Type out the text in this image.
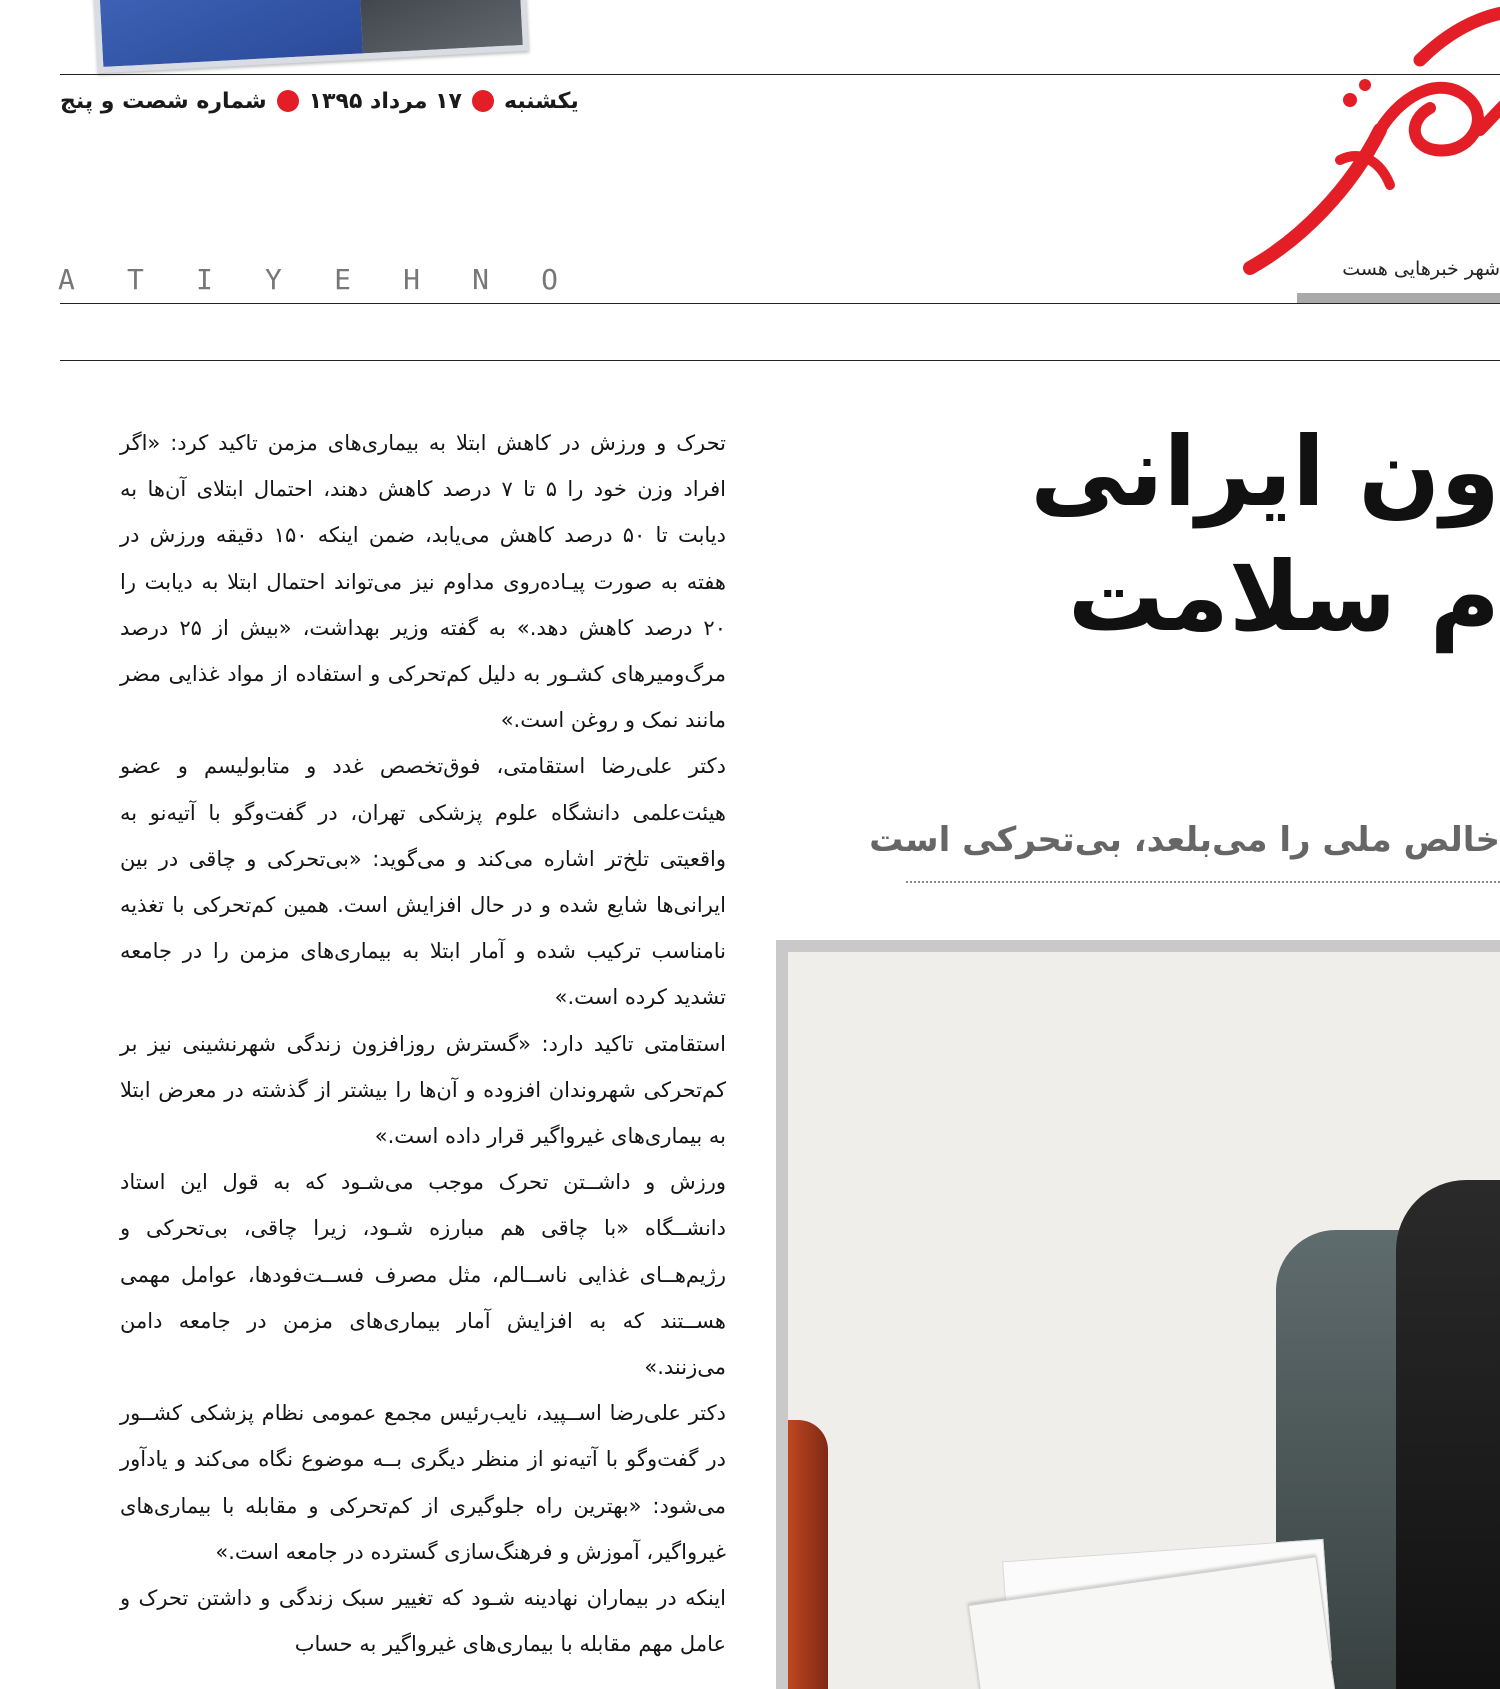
یکشنبه
۱۷ مرداد ۱۳۹۵
شماره شصت و پنج
شهر خبرهایی هست
A T I Y E H N O

تحرک و ورزش در کاهش ابتلا به بیماری‌های مزمن تاکید کرد: «اگر افراد وزن خود را ۵ تا ۷ درصد کاهش دهند، احتمال ابتلای آن‌ها به دیابت تا ۵۰ درصد کاهش می‌یابد، ضمن اینکه ۱۵۰ دقیقه ورزش در هفته به صورت پیـاده‌روی مداوم نیز می‌تواند احتمال ابتلا به دیابت را ۲۰ درصد کاهش دهد.» به گفته وزیر بهداشت، «بیش از ۲۵ درصد مرگ‌ومیرهای کشـور به دلیل کم‌تحرکی و استفاده از مواد غذایی مضر مانند نمک و روغن است.»

دکتر علی‌رضا استقامتی، فوق‌تخصص غدد و متابولیسم و عضو هیئت‌علمی دانشگاه علوم پزشکی تهران، در گفت‌وگو با آتیه‌نو به واقعیتی تلخ‌تر اشاره می‌کند و می‌گوید: «بی‌تحرکی و چاقی در بین ایرانی‌ها شایع شده و در حال افزایش است. همین کم‌تحرکی با تغذیه نامناسب ترکیب شده و آمار ابتلا به بیماری‌های مزمن را در جامعه تشدید کرده است.»

استقامتی تاکید دارد: «گسترش روزافزون زندگی شهرنشینی نیز بر کم‌تحرکی شهروندان افزوده و آن‌ها را بیشتر از گذشته در معرض ابتلا به بیماری‌های غیرواگیر قرار داده است.»

ورزش و داشــتن تحرک موجب می‌شـود که به قول این استاد دانشــگاه «با چاقی هم مبارزه شـود، زیرا چاقی، بی‌تحرکی و رژیم‌هــای غذایی ناســالم، مثل مصرف فســت‌فودها، عوامل مهمی هســتند که به افزایش آمار بیماری‌های مزمن در جامعه دامن می‌زنند.»

دکتر علی‌رضا اســپید، نایب‌رئیس مجمع عمومی نظام پزشکی کشــور در گفت‌وگو با آتیه‌نو از منظر دیگری بــه موضوع نگاه می‌کند و یادآور می‌شود: «بهترین راه جلوگیری از کم‌تحرکی و مقابله با بیماری‌های غیرواگیر، آموزش و فرهنگ‌سازی گسترده در جامعه است.»

اینکه در بیماران نهادینه شـود که تغییر سبک زندگی و داشتن تحرک و عامل مهم مقابله با بیماری‌های غیرواگیر به حساب

ون ایرانی
م سلامت
خالص ملی را می‌بلعد، بی‌تحرکی است
